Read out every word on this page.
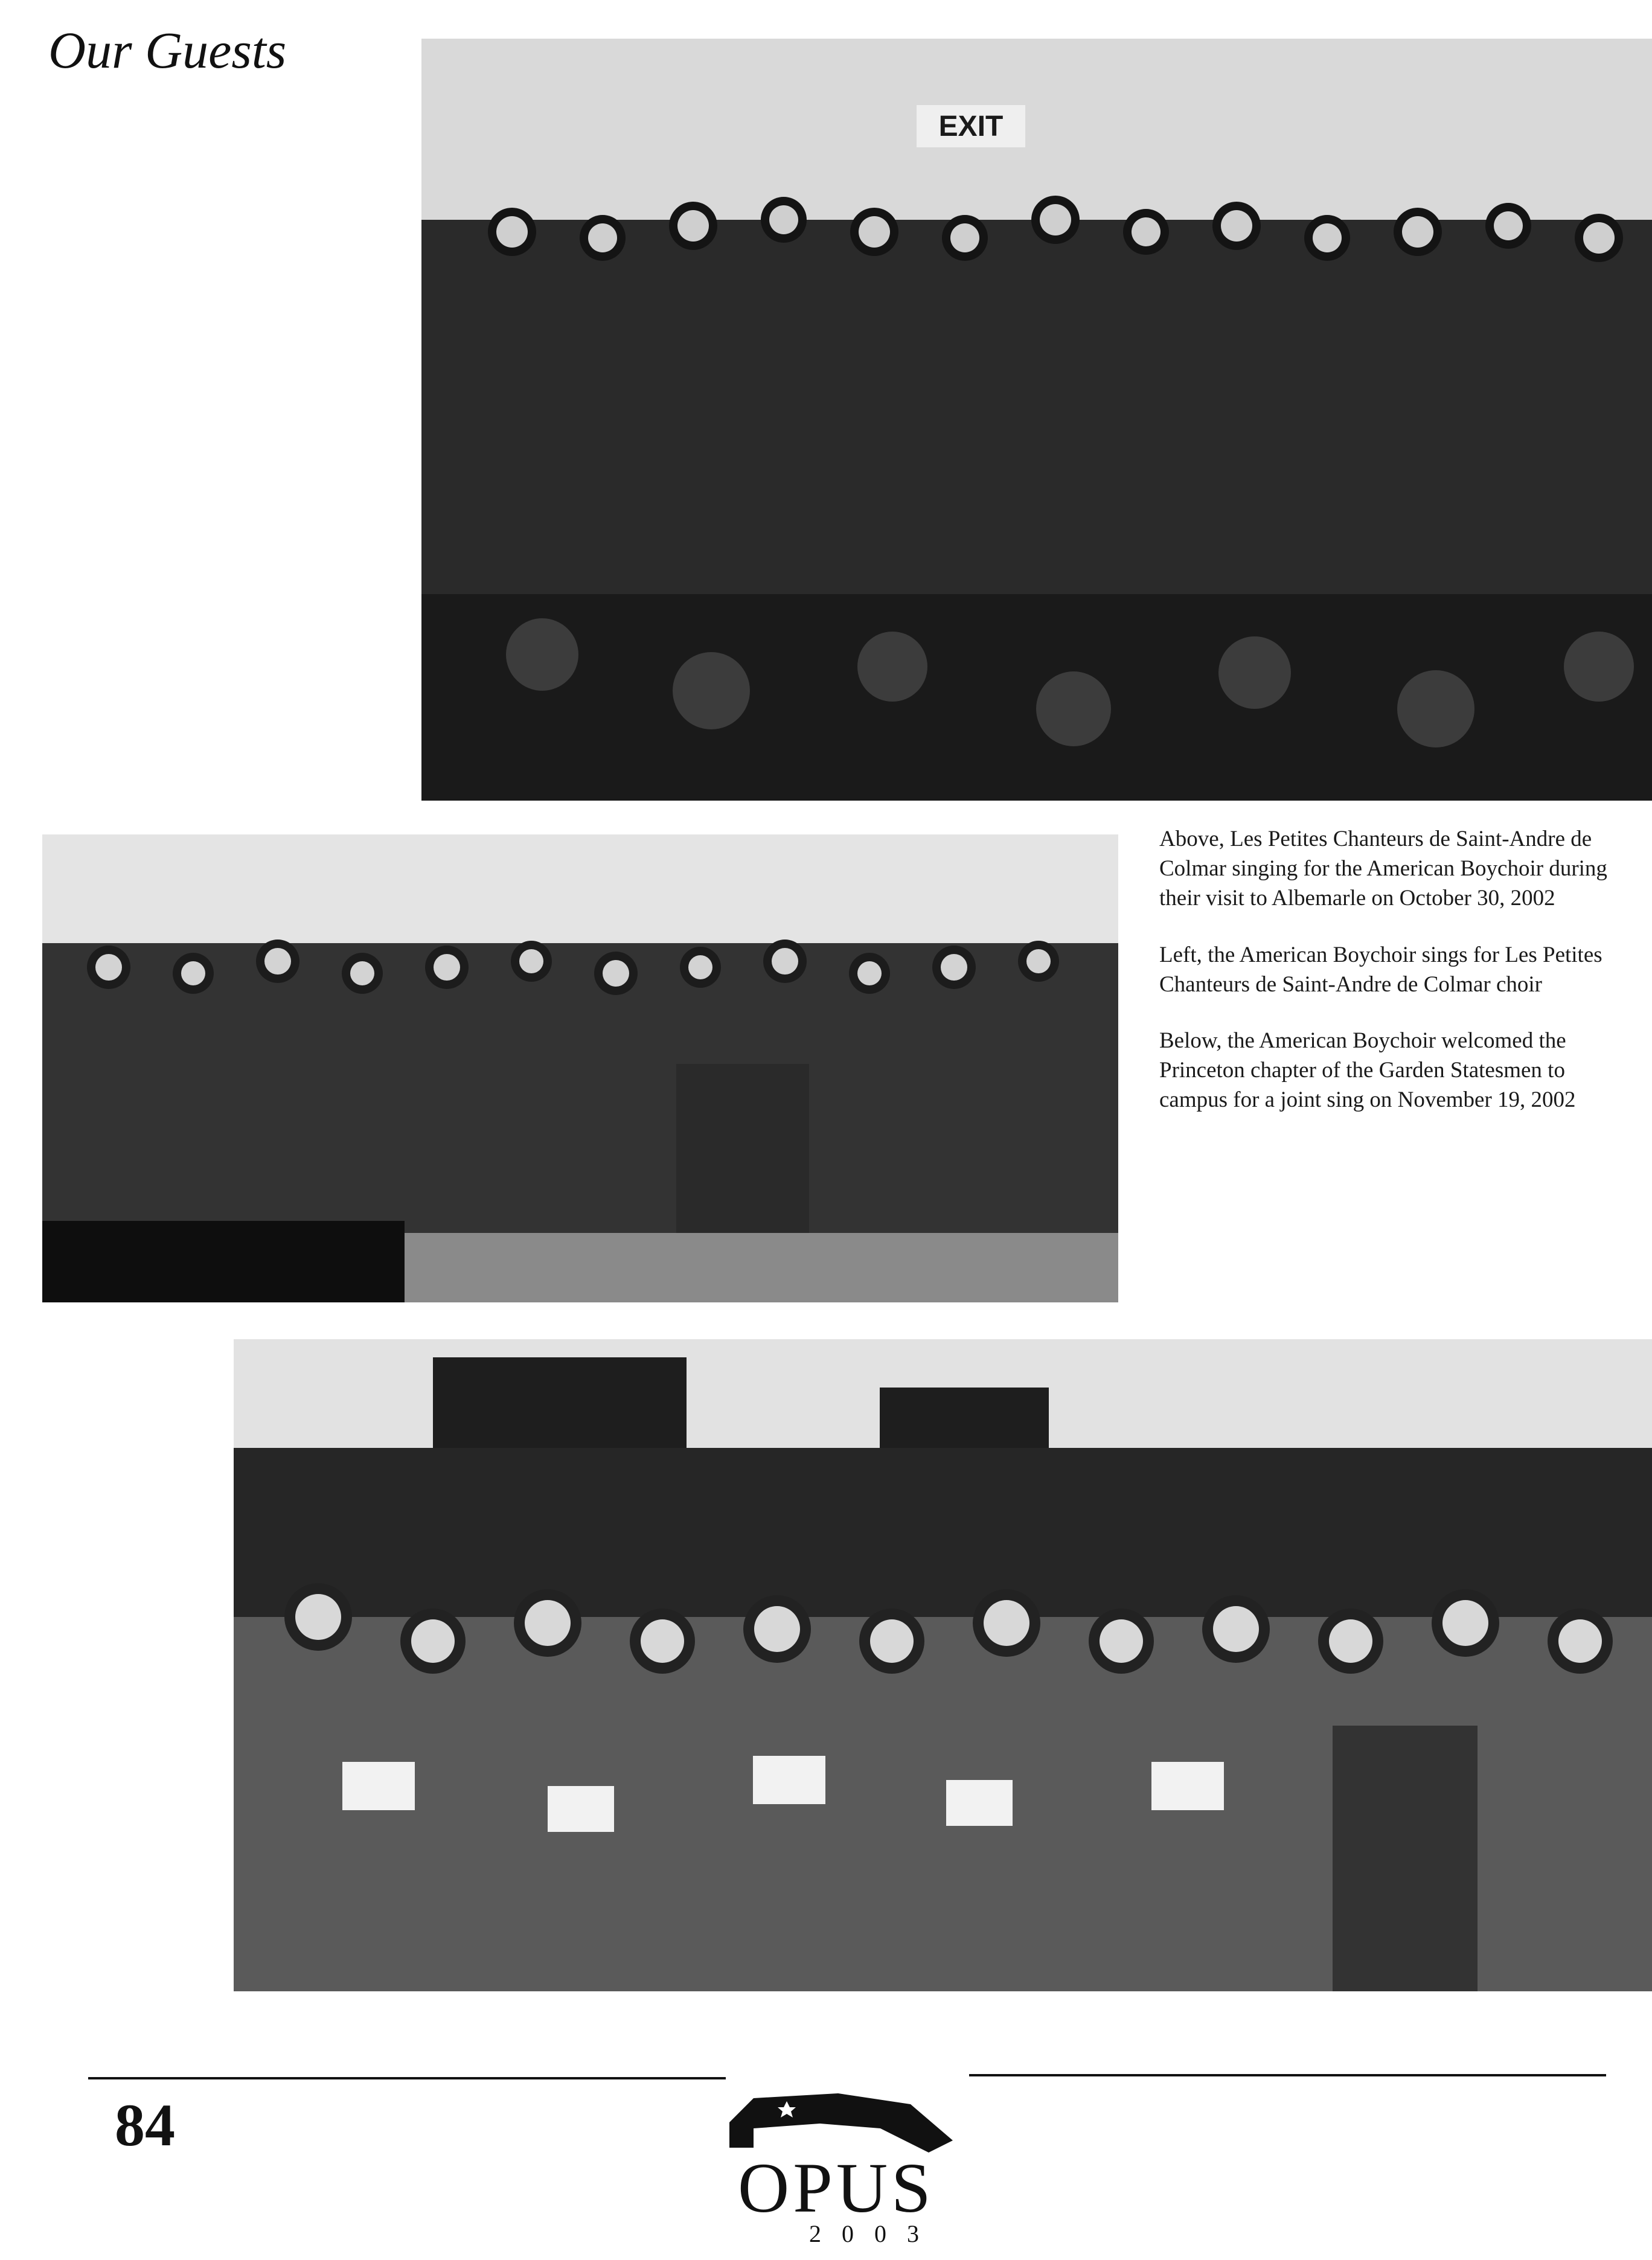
Our Guests
EXIT

Above, Les Petites Chanteurs de Saint-Andre de Colmar singing for the American Boychoir during their visit to Albemarle on October 30, 2002

Left, the American Boychoir sings for Les Petites Chanteurs de Saint-Andre de Colmar choir

Below, the American Boychoir welcomed the Princeton chapter of the Garden Statesmen to campus for a joint sing on November 19, 2002

84
OPUS
2003
